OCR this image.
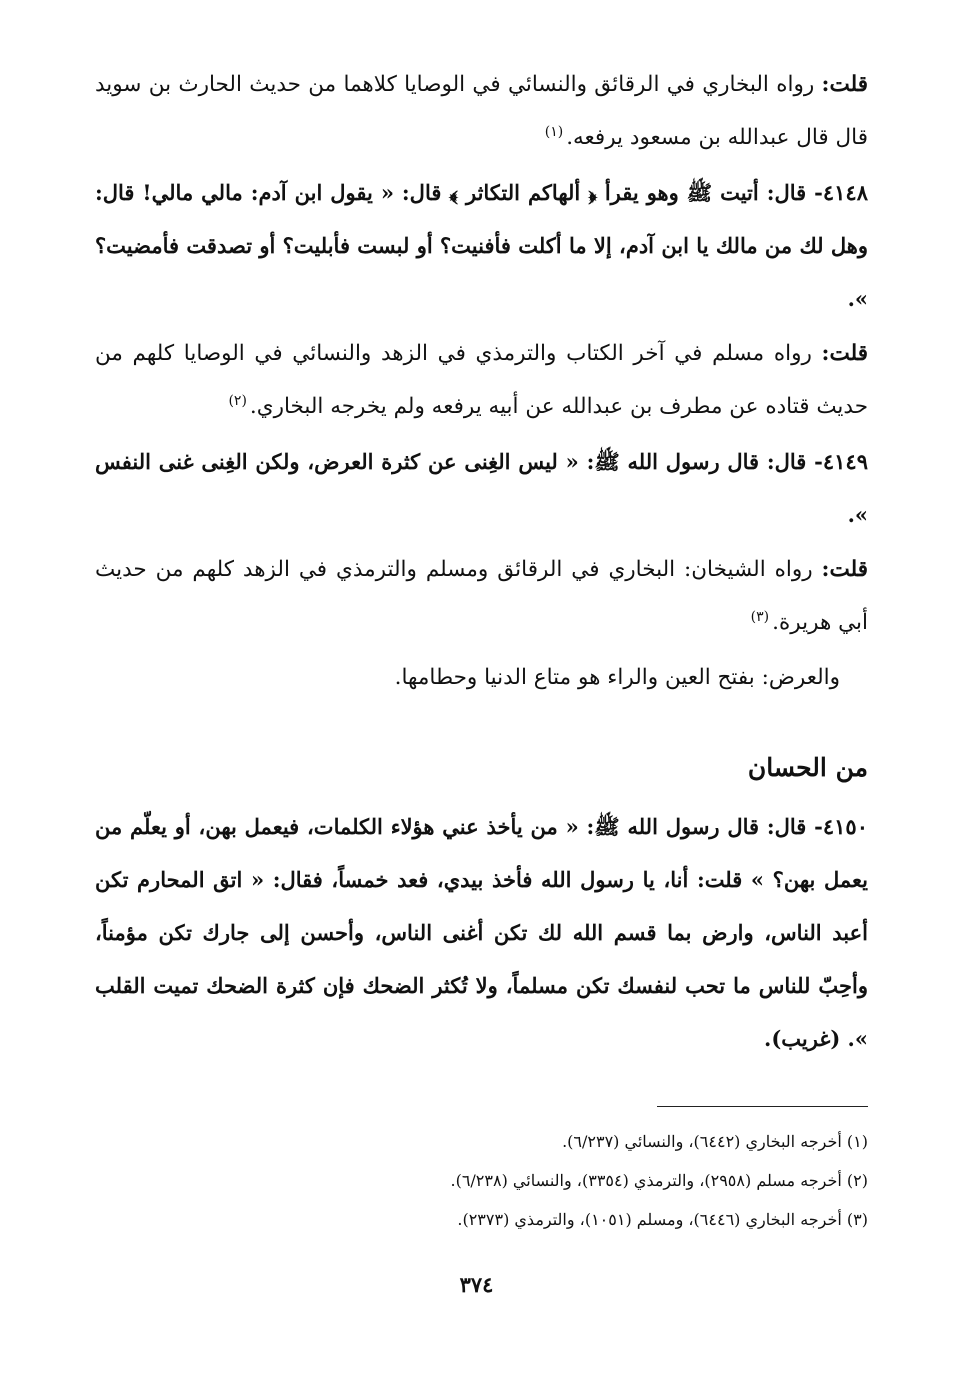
قلت: رواه البخاري في الرقائق والنسائي في الوصايا كلاهما من حديث الحارث بن سويد قال قال عبدالله بن مسعود يرفعه.$^{(١)}$

٤١٤٨- قال: أتيت ﷺ وهو يقرأ ﴿ ألهاكم التكاثر ﴾ قال: « يقول ابن آدم: مالي مالي! قال: وهل لك من مالك يا ابن آدم، إلا ما أكلت فأفنيت؟ أو لبست فأبليت؟ أو تصدقت فأمضيت؟ ».

قلت: رواه مسلم في آخر الكتاب والترمذي في الزهد والنسائي في الوصايا كلهم من حديث قتاده عن مطرف بن عبدالله عن أبيه يرفعه ولم يخرجه البخاري.$^{(٢)}$

٤١٤٩- قال: قال رسول الله ﷺ: « ليس الغِنى عن كثرة العرض، ولكن الغِنى غنى النفس ».

قلت: رواه الشيخان: البخاري في الرقائق ومسلم والترمذي في الزهد كلهم من حديث أبي هريرة.$^{(٣)}$

والعرض: بفتح العين والراء هو متاع الدنيا وحطامها.

من الحسان

٤١٥٠- قال: قال رسول الله ﷺ: « من يأخذ عني هؤلاء الكلمات، فيعمل بهن، أو يعلّم من يعمل بهن؟ » قلت: أنا، يا رسول الله فأخذ بيدي، فعد خمساً، فقال: « اتق المحارم تكن أعبد الناس، وارض بما قسم الله لك تكن أغنى الناس، وأحسن إلى جارك تكن مؤمناً، وأحِبّ للناس ما تحب لنفسك تكن مسلماً، ولا تُكثر الضحك فإن كثرة الضحك تميت القلب ». (غريب).

(١) أخرجه البخاري (٦٤٤٢)، والنسائي (٦/٢٣٧).
(٢) أخرجه مسلم (٢٩٥٨)، والترمذي (٣٣٥٤)، والنسائي (٦/٢٣٨).
(٣) أخرجه البخاري (٦٤٤٦)، ومسلم (١٠٥١)، والترمذي (٢٣٧٣).
٣٧٤
